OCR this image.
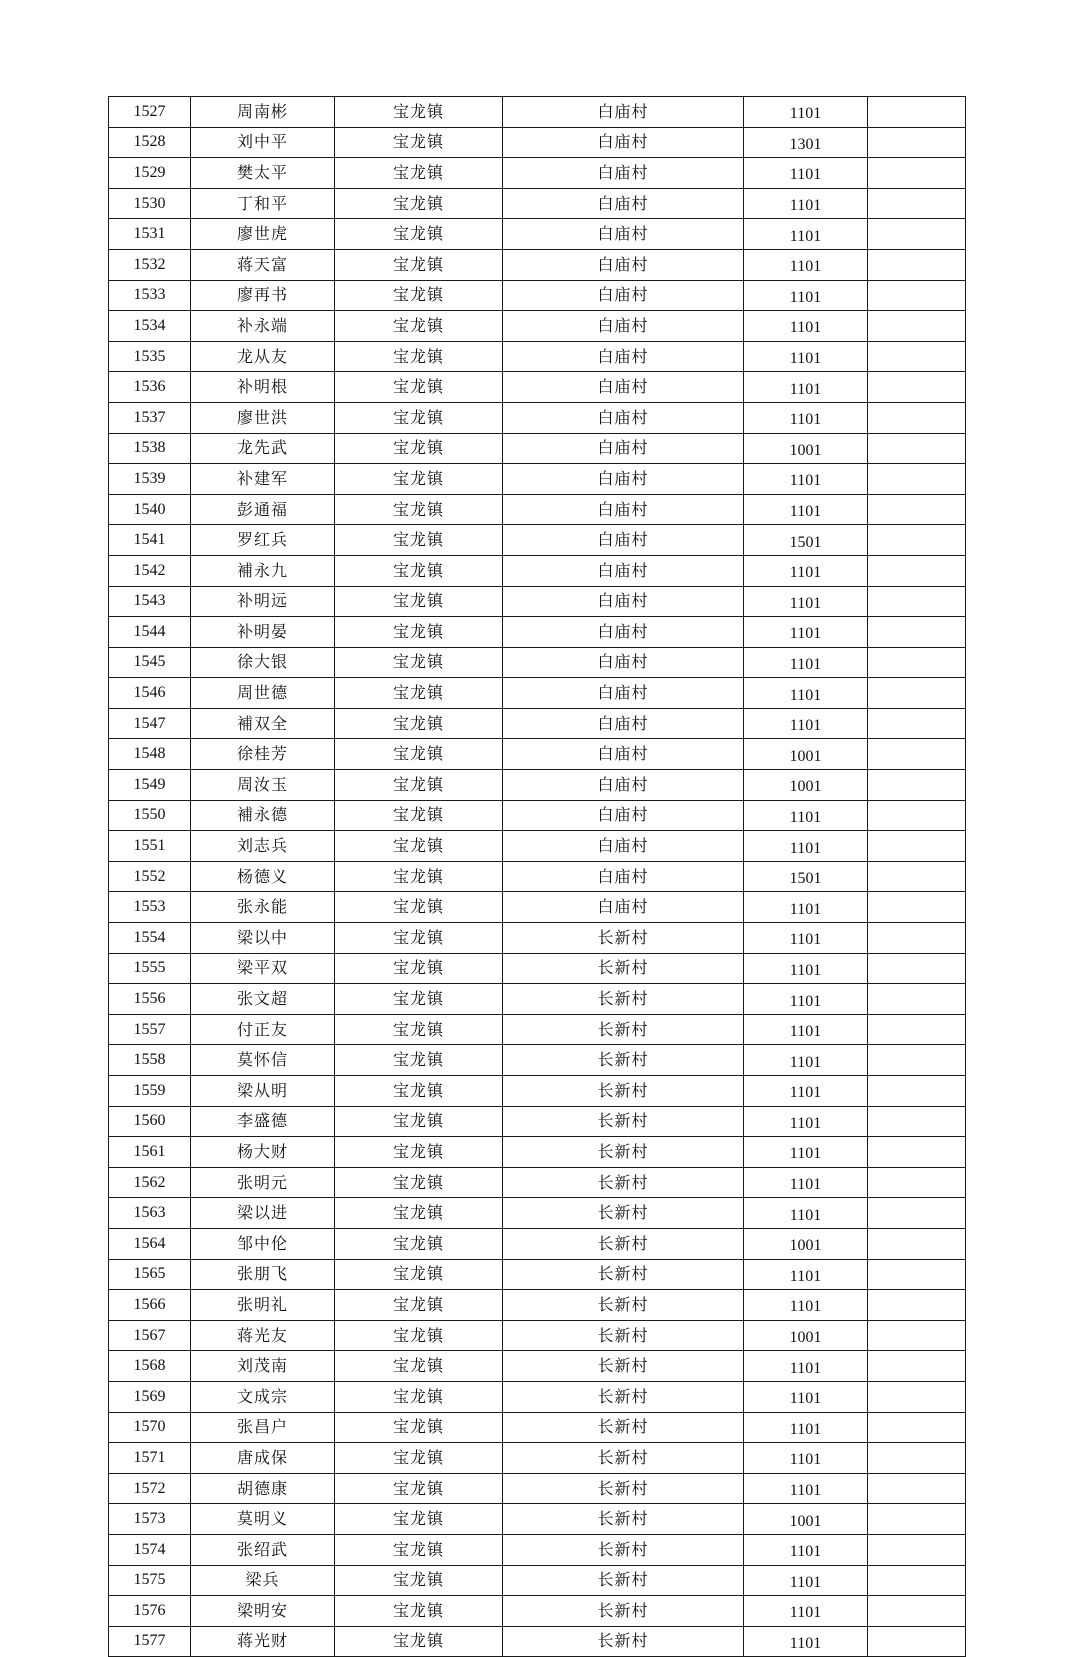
1527	周南彬	宝龙镇	白庙村	1101	
1528	刘中平	宝龙镇	白庙村	1301	
1529	樊太平	宝龙镇	白庙村	1101	
1530	丁和平	宝龙镇	白庙村	1101	
1531	廖世虎	宝龙镇	白庙村	1101	
1532	蒋天富	宝龙镇	白庙村	1101	
1533	廖再书	宝龙镇	白庙村	1101	
1534	补永端	宝龙镇	白庙村	1101	
1535	龙从友	宝龙镇	白庙村	1101	
1536	补明根	宝龙镇	白庙村	1101	
1537	廖世洪	宝龙镇	白庙村	1101	
1538	龙先武	宝龙镇	白庙村	1001	
1539	补建军	宝龙镇	白庙村	1101	
1540	彭通福	宝龙镇	白庙村	1101	
1541	罗红兵	宝龙镇	白庙村	1501	
1542	補永九	宝龙镇	白庙村	1101	
1543	补明远	宝龙镇	白庙村	1101	
1544	补明晏	宝龙镇	白庙村	1101	
1545	徐大银	宝龙镇	白庙村	1101	
1546	周世德	宝龙镇	白庙村	1101	
1547	補双全	宝龙镇	白庙村	1101	
1548	徐桂芳	宝龙镇	白庙村	1001	
1549	周汝玉	宝龙镇	白庙村	1001	
1550	補永德	宝龙镇	白庙村	1101	
1551	刘志兵	宝龙镇	白庙村	1101	
1552	杨德义	宝龙镇	白庙村	1501	
1553	张永能	宝龙镇	白庙村	1101	
1554	梁以中	宝龙镇	长新村	1101	
1555	梁平双	宝龙镇	长新村	1101	
1556	张文超	宝龙镇	长新村	1101	
1557	付正友	宝龙镇	长新村	1101	
1558	莫怀信	宝龙镇	长新村	1101	
1559	梁从明	宝龙镇	长新村	1101	
1560	李盛德	宝龙镇	长新村	1101	
1561	杨大财	宝龙镇	长新村	1101	
1562	张明元	宝龙镇	长新村	1101	
1563	梁以进	宝龙镇	长新村	1101	
1564	邹中伦	宝龙镇	长新村	1001	
1565	张朋飞	宝龙镇	长新村	1101	
1566	张明礼	宝龙镇	长新村	1101	
1567	蒋光友	宝龙镇	长新村	1001	
1568	刘茂南	宝龙镇	长新村	1101	
1569	文成宗	宝龙镇	长新村	1101	
1570	张昌户	宝龙镇	长新村	1101	
1571	唐成保	宝龙镇	长新村	1101	
1572	胡德康	宝龙镇	长新村	1101	
1573	莫明义	宝龙镇	长新村	1001	
1574	张绍武	宝龙镇	长新村	1101	
1575	梁兵	宝龙镇	长新村	1101	
1576	梁明安	宝龙镇	长新村	1101	
1577	蒋光财	宝龙镇	长新村	1101	
